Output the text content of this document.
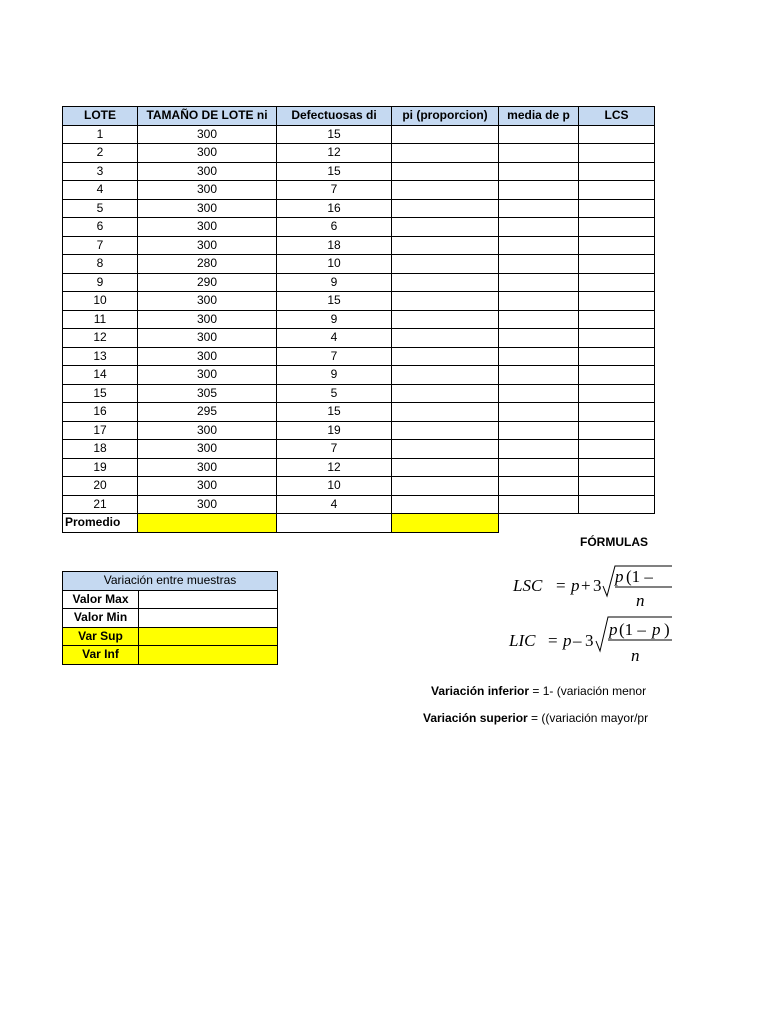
LOTE	TAMAÑO DE LOTE ni	Defectuosas di	pi (proporcion)	media de p	LCS
1	300	15			
2	300	12			
3	300	15			
4	300	7			
5	300	16			
6	300	6			
7	300	18			
8	280	10			
9	290	9			
10	300	15			
11	300	9			
12	300	4			
13	300	7			
14	300	9			
15	305	5			
16	295	15			
17	300	19			
18	300	7			
19	300	12			
20	300	10			
21	300	4			
Promedio					
FÓRMULAS
LSC = p + 3 p (1 –
n
LIC = p – 3
p (1 – p )
n
Variación entre muestras	
Valor Max	
Valor Min	
Var Sup	
Var Inf	
Variación inferior = 1- (variación menor
Variación superior = ((variación mayor/pr
